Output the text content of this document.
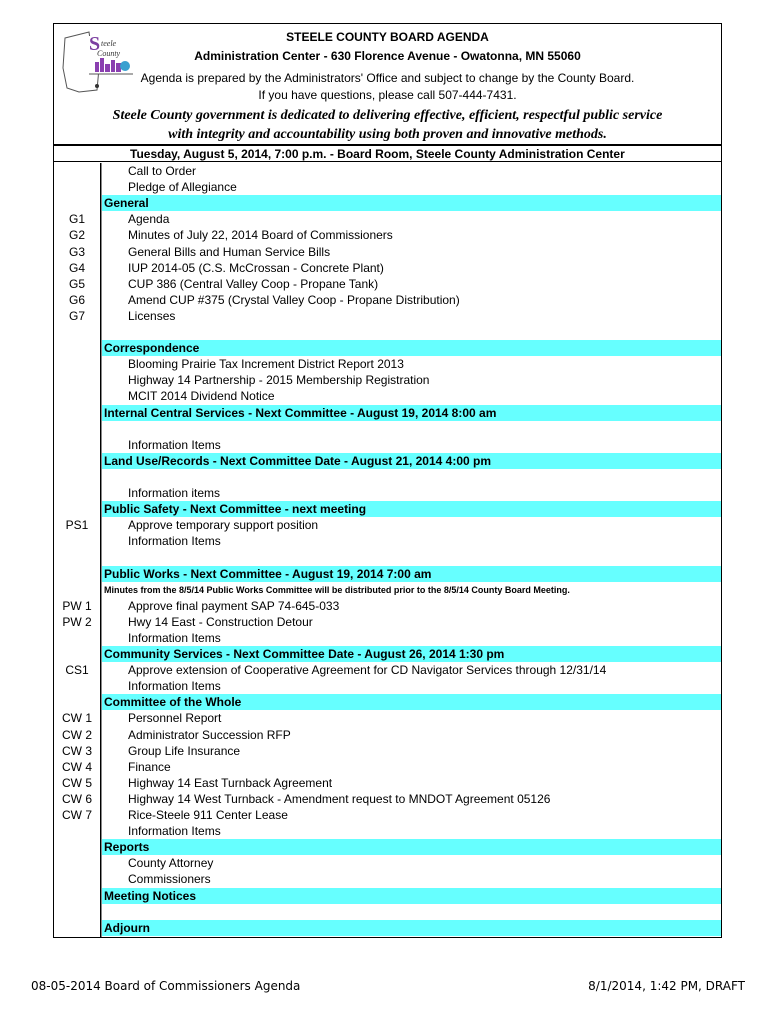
S teele
County
STEELE COUNTY BOARD AGENDA
Administration Center - 630 Florence Avenue - Owatonna, MN 55060
Agenda is prepared by the Administrators' Office and subject to change by the County Board.
If you have questions, please call 507-444-7431.
Steele County government is dedicated to delivering effective, efficient, respectful public service
with integrity and accountability using both proven and innovative methods.
Tuesday, August 5, 2014, 7:00 p.m. - Board Room, Steele County Administration Center
Call to Order
Pledge of Allegiance
General
G1	Agenda
G2	Minutes of July 22, 2014 Board of Commissioners
G3	General Bills and Human Service Bills
G4	IUP 2014-05 (C.S. McCrossan - Concrete Plant)
G5	CUP 386 (Central Valley Coop - Propane Tank)
G6	Amend CUP #375 (Crystal Valley Coop - Propane Distribution)
G7	Licenses
Correspondence
Blooming Prairie Tax Increment District Report 2013
Highway 14 Partnership - 2015 Membership Registration
MCIT 2014 Dividend Notice
Internal Central Services - Next Committee - August 19, 2014 8:00 am
Information Items
Land Use/Records - Next Committee Date - August 21, 2014 4:00 pm
Information items
Public Safety - Next Committee - next meeting
PS1	Approve temporary support position
Information Items
Public Works - Next Committee - August 19, 2014 7:00 am
Minutes from the 8/5/14 Public Works Committee will be distributed prior to the 8/5/14 County Board Meeting.
PW 1	Approve final payment SAP 74-645-033
PW 2	Hwy 14 East - Construction Detour
Information Items
Community Services - Next Committee Date - August 26, 2014 1:30 pm
CS1	Approve extension of Cooperative Agreement for CD Navigator Services through 12/31/14
Information Items
Committee of the Whole
CW 1	Personnel Report
CW 2	Administrator Succession RFP
CW 3	Group Life Insurance
CW 4	Finance
CW 5	Highway 14 East Turnback Agreement
CW 6	Highway 14 West Turnback - Amendment request to MNDOT Agreement 05126
CW 7	Rice-Steele 911 Center Lease
Information Items
Reports
County Attorney
Commissioners
Meeting Notices
Adjourn
08-05-2014 Board of Commissioners Agenda	8/1/2014, 1:42 PM, DRAFT
